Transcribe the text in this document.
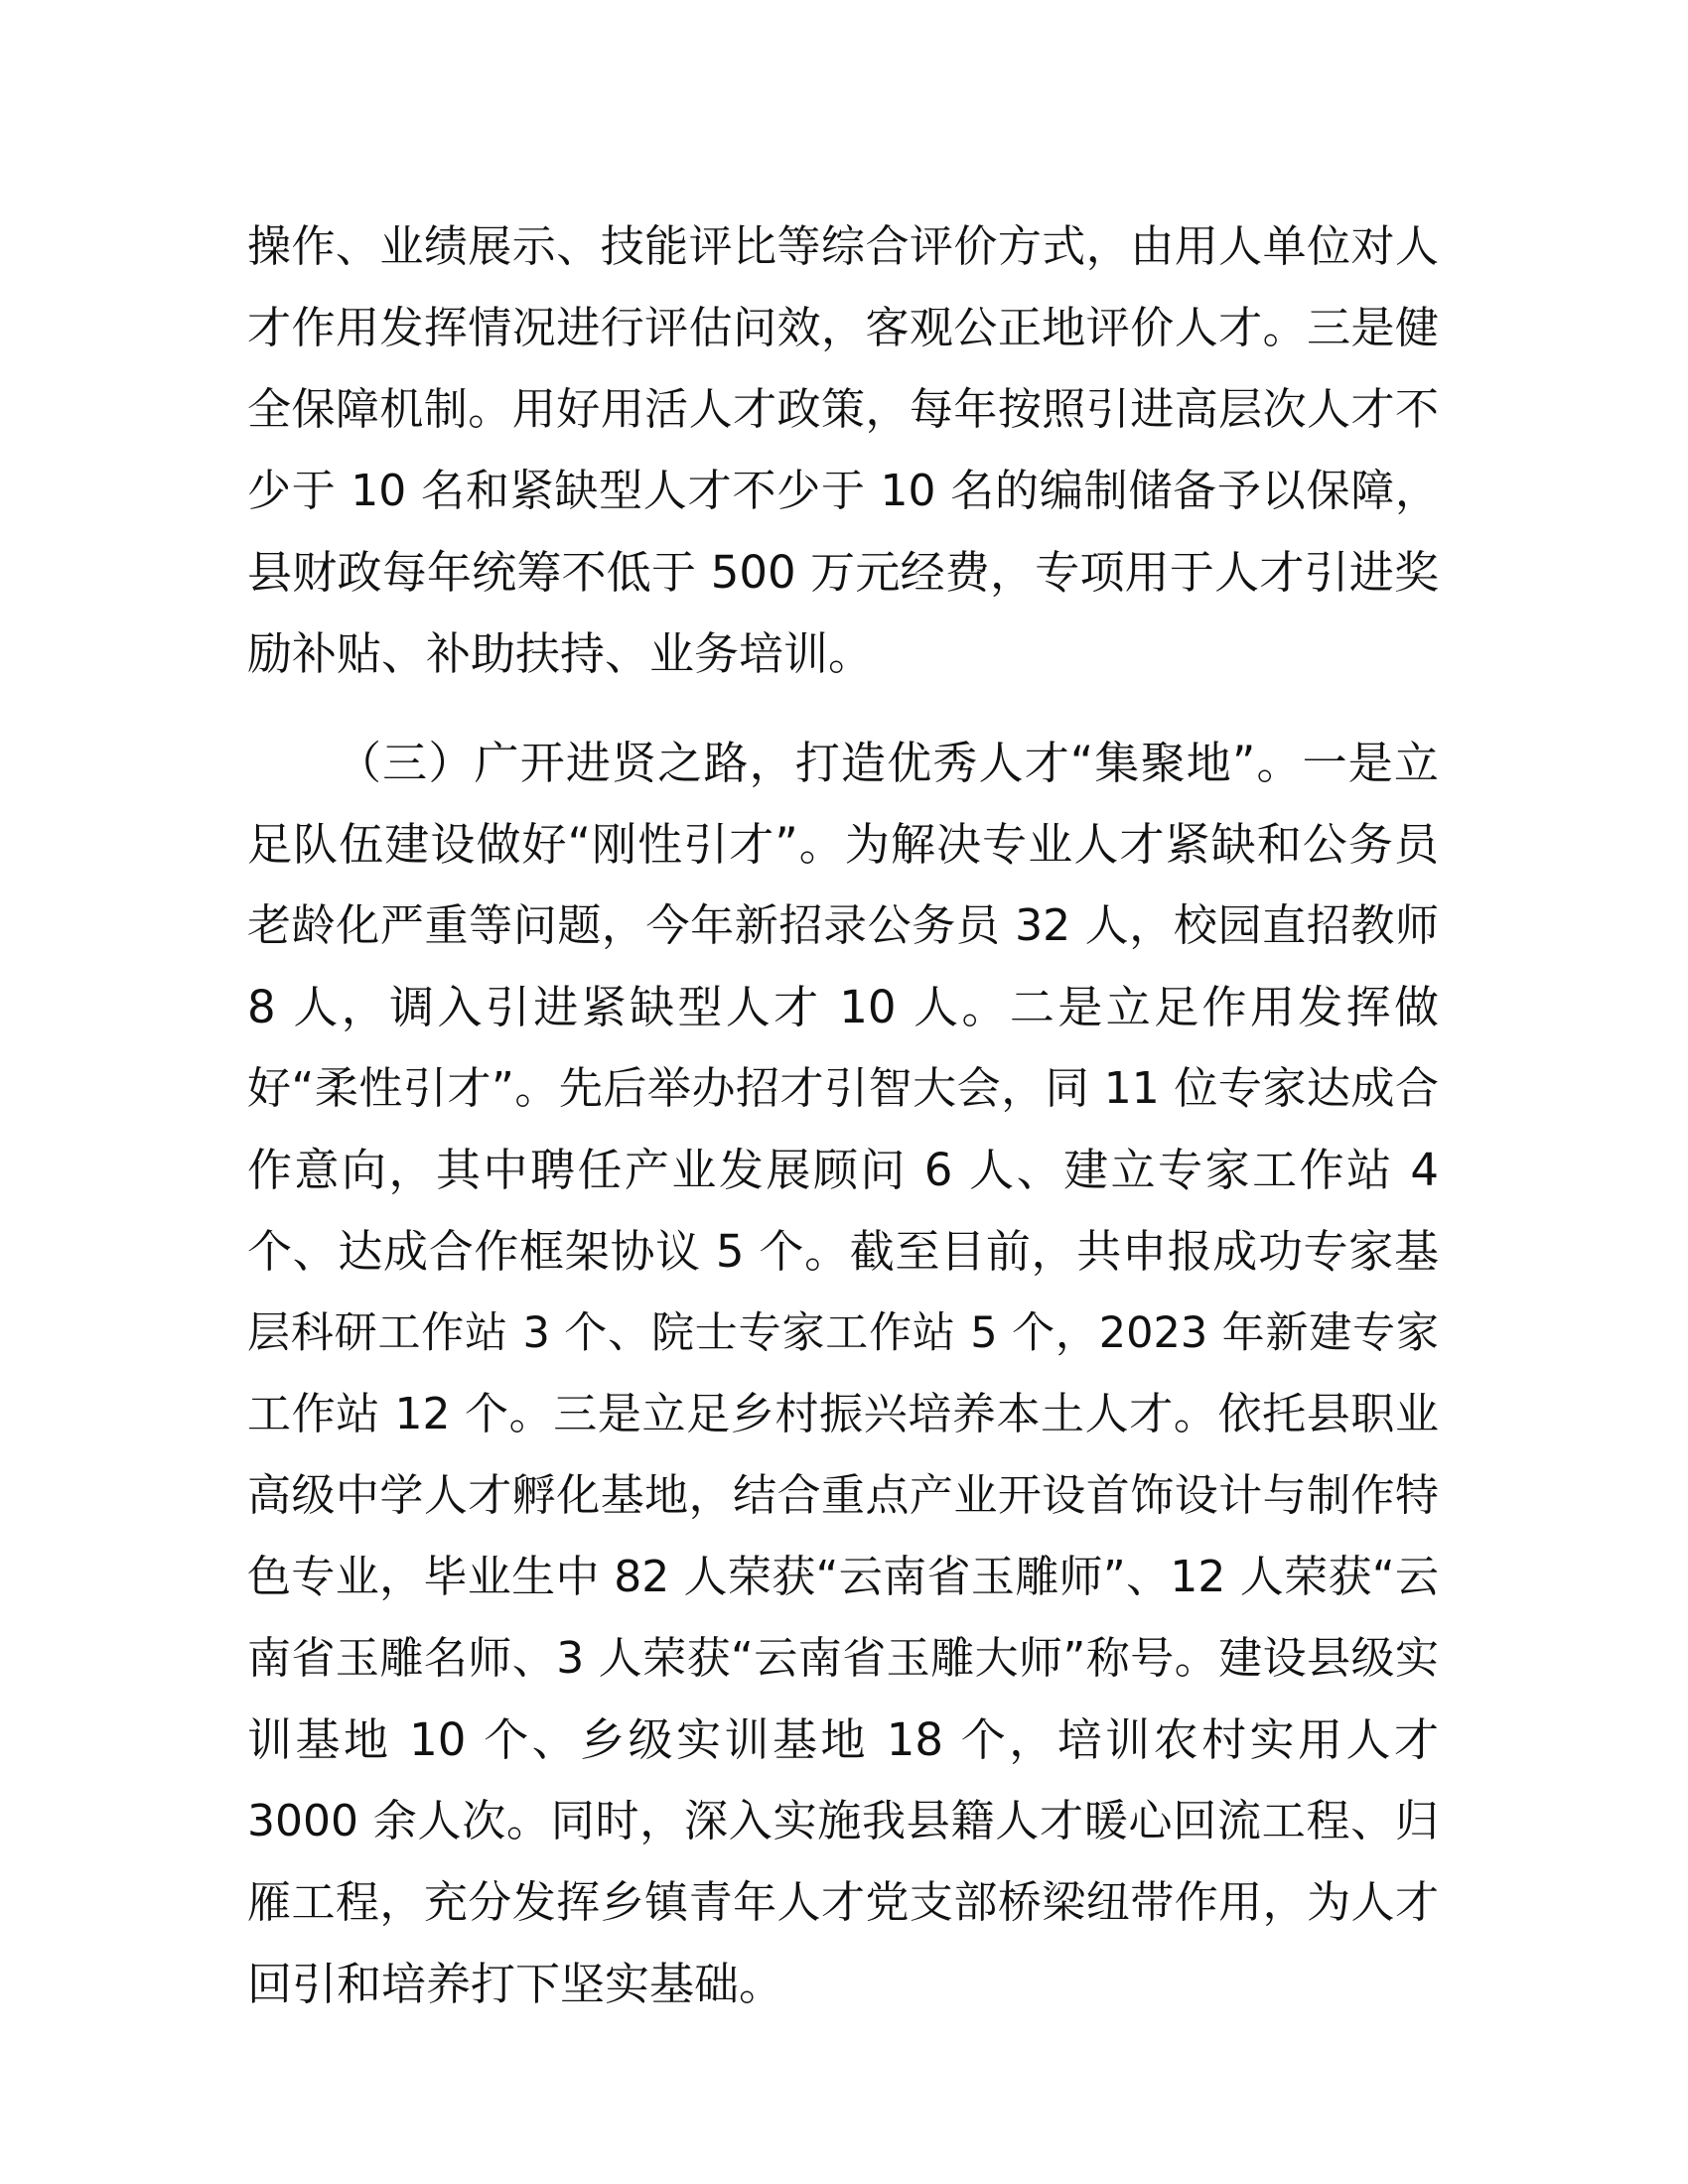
操作、业绩展示、技能评比等综合评价方式，由用人单位对人
才作用发挥情况进行评估问效，客观公正地评价人才。三是健
全保障机制。用好用活人才政策，每年按照引进高层次人才不
少于 10 名和紧缺型人才不少于 10 名的编制储备予以保障，
县财政每年统筹不低于 500 万元经费，专项用于人才引进奖
励补贴、补助扶持、业务培训。
（三）广开进贤之路，打造优秀人才“集聚地”。一是立
足队伍建设做好“刚性引才”。为解决专业人才紧缺和公务员
老龄化严重等问题，今年新招录公务员 32 人，校园直招教师
8 人，调入引进紧缺型人才 10 人。二是立足作用发挥做
好“柔性引才”。先后举办招才引智大会，同 11 位专家达成合
作意向，其中聘任产业发展顾问 6 人、建立专家工作站 4
个、达成合作框架协议 5 个。截至目前，共申报成功专家基
层科研工作站 3 个、院士专家工作站 5 个，2023 年新建专家
工作站 12 个。三是立足乡村振兴培养本土人才。依托县职业
高级中学人才孵化基地，结合重点产业开设首饰设计与制作特
色专业，毕业生中 82 人荣获“云南省玉雕师”、12 人荣获“云
南省玉雕名师、3 人荣获“云南省玉雕大师”称号。建设县级实
训基地 10 个、乡级实训基地 18 个，培训农村实用人才
3000 余人次。同时，深入实施我县籍人才暖心回流工程、归
雁工程，充分发挥乡镇青年人才党支部桥梁纽带作用，为人才
回引和培养打下坚实基础。
